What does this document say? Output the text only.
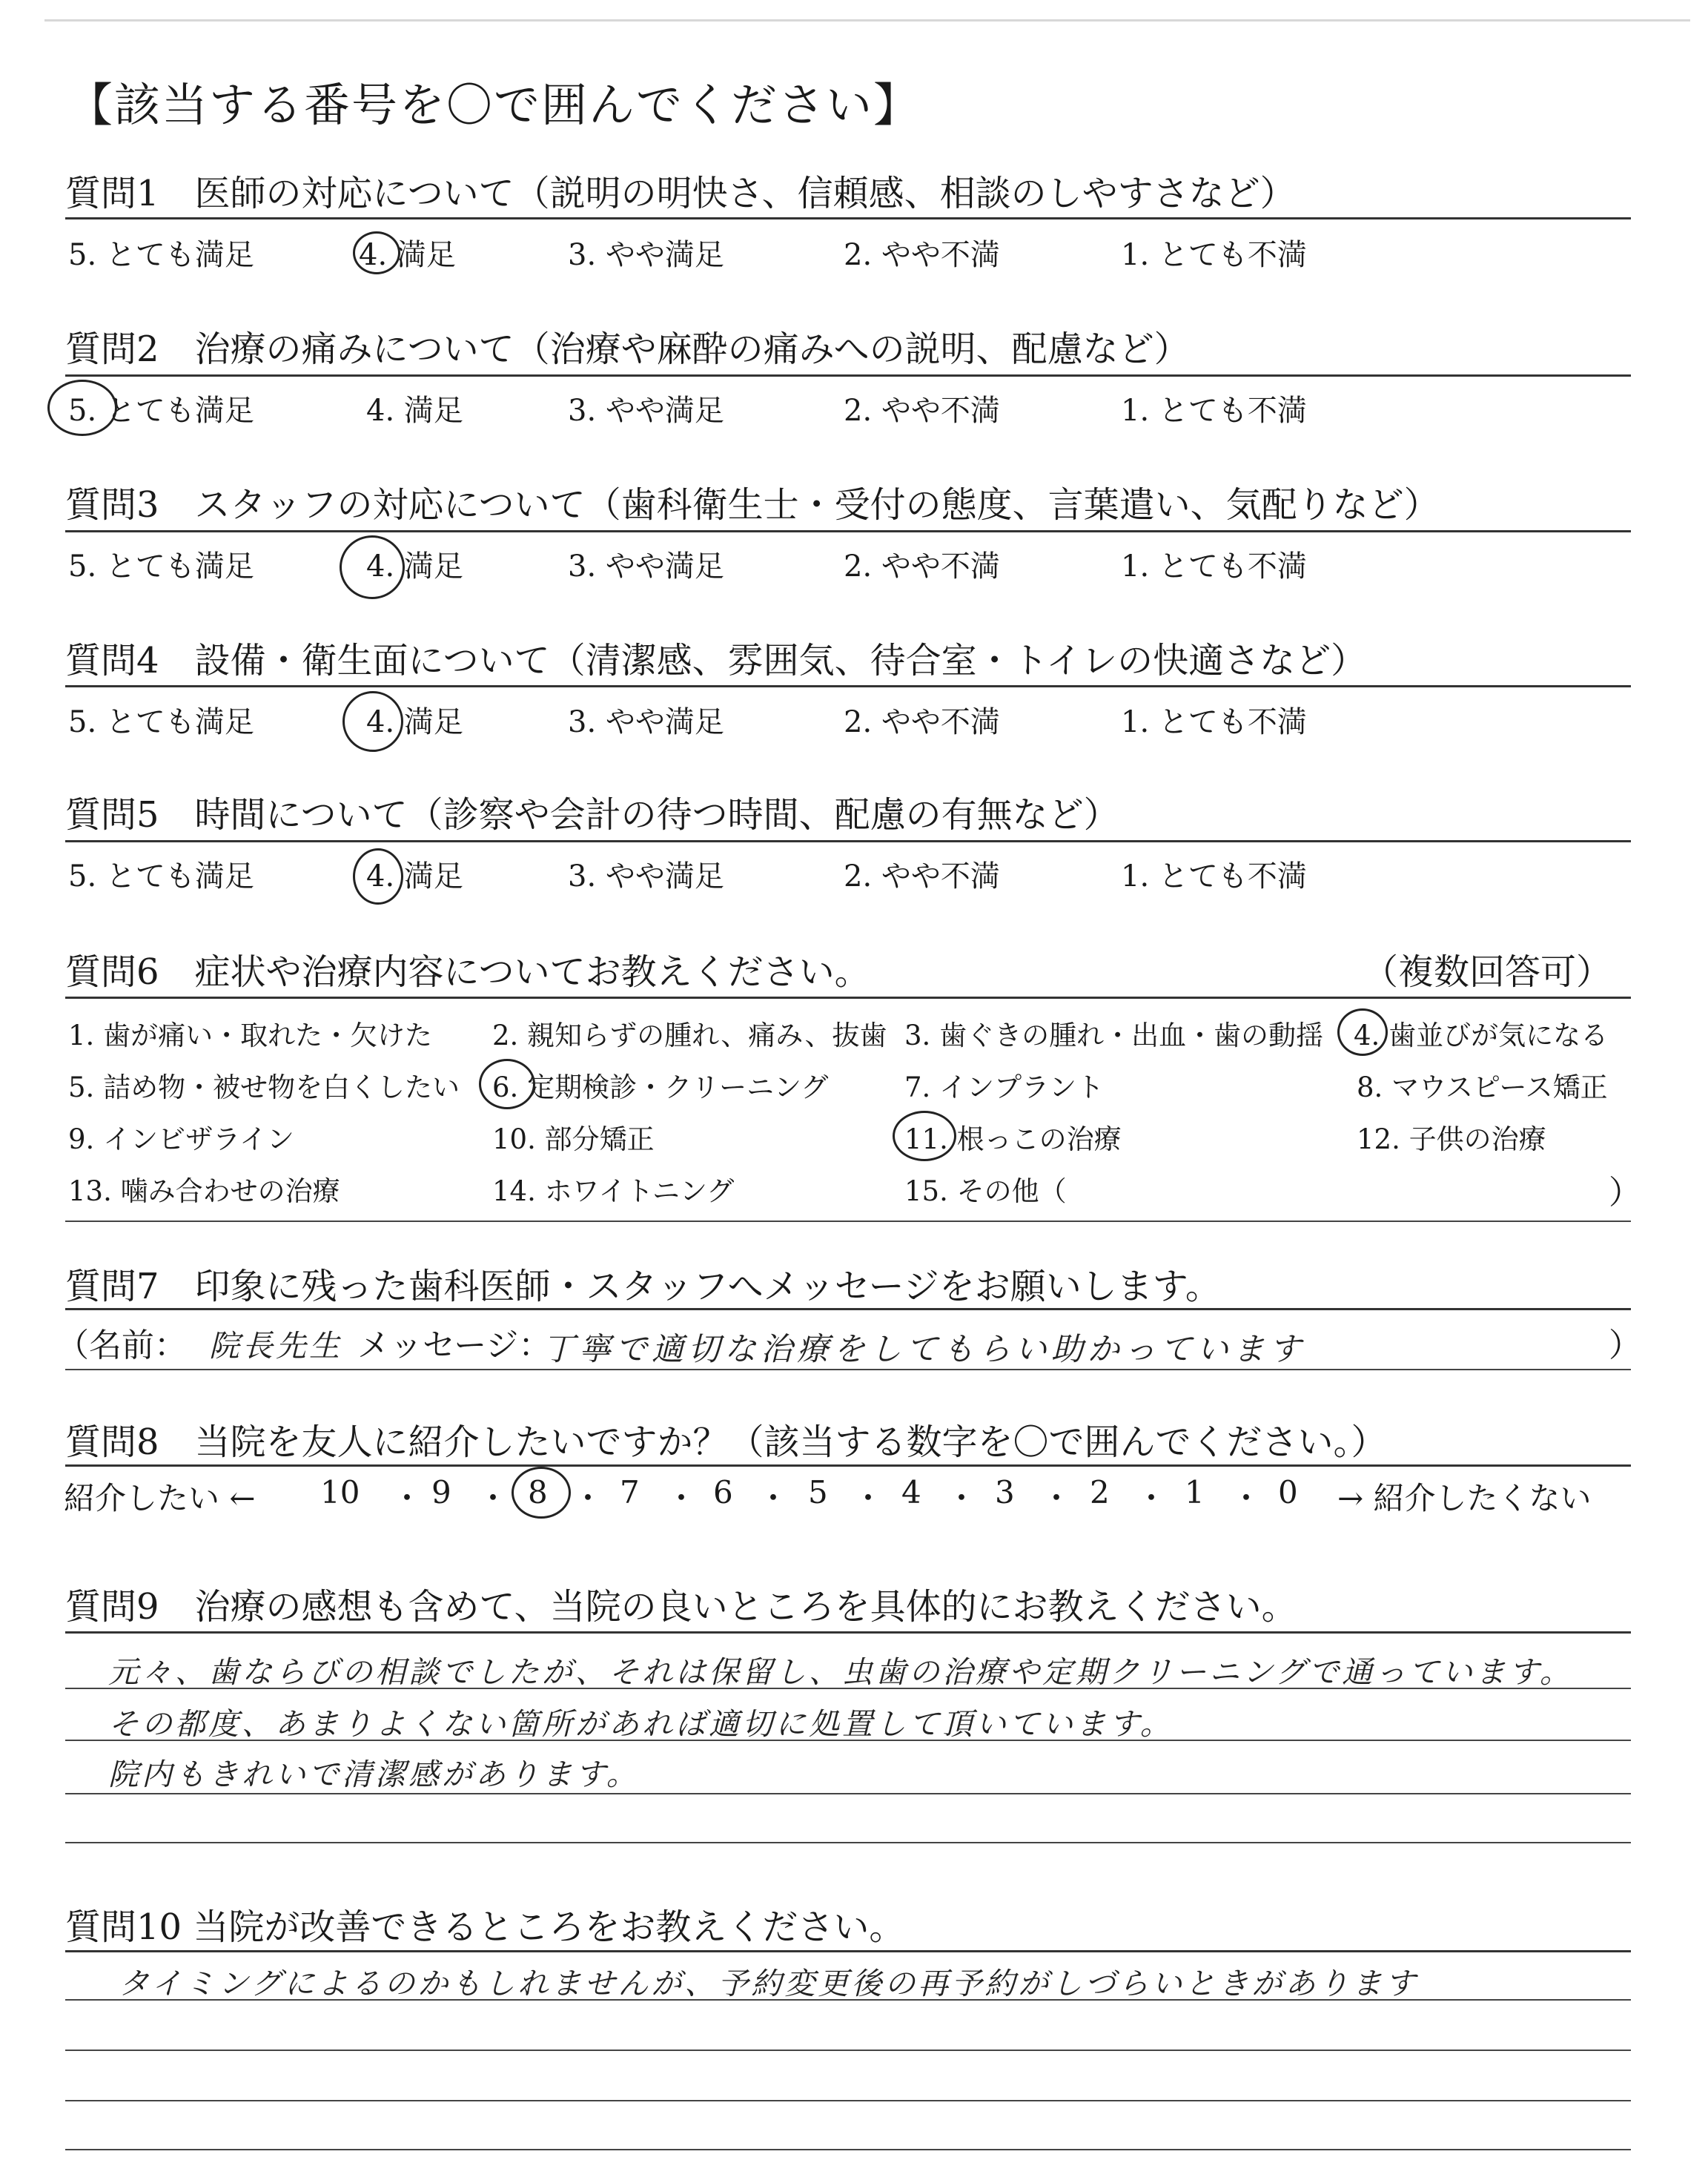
【該当する番号を〇で囲んでください】
質問1　医師の対応について（説明の明快さ、信頼感、相談のしやすさなど）
5. とても満足	4. 満足	3. やや満足	2. やや不満	1. とても不満
質問2　治療の痛みについて（治療や麻酔の痛みへの説明、配慮など）
5. とても満足	4. 満足	3. やや満足	2. やや不満	1. とても不満
質問3　スタッフの対応について（歯科衛生士・受付の態度、言葉遣い、気配りなど）
5. とても満足	4. 満足	3. やや満足	2. やや不満	1. とても不満
質問4　設備・衛生面について（清潔感、雰囲気、待合室・トイレの快適さなど）
5. とても満足	4. 満足	3. やや満足	2. やや不満	1. とても不満
質問5　時間について（診察や会計の待つ時間、配慮の有無など）
5. とても満足	4. 満足	3. やや満足	2. やや不満	1. とても不満
質問6　症状や治療内容についてお教えください。	（複数回答可）
1. 歯が痛い・取れた・欠けた 2. 親知らずの腫れ、痛み、抜歯 3. 歯ぐきの腫れ・出血・歯の動揺 4. 歯並びが気になる
5. 詰め物・被せ物を白くしたい 6. 定期検診・クリーニング	7. インプラント	8. マウスピース矯正
9. インビザライン	10. 部分矯正	11. 根っこの治療	12. 子供の治療
13. 噛み合わせの治療	14. ホワイトニング	15. その他（	）
質問7　印象に残った歯科医師・スタッフへメッセージをお願いします。
（名前： 院長先生 メッセージ：
丁寧で適切な治療をしてもらい助かっています	）
質問8　当院を友人に紹介したいですか？（該当する数字を〇で囲んでください。）
紹介したい ← 10 ・ 9 ・ 8 ・ 7 ・ 6 ・ 5 ・ 4 ・ 3 ・ 2 ・ 1 ・ 0 → 紹介したくない
質問9　治療の感想も含めて、当院の良いところを具体的にお教えください。
元々、歯ならびの相談でしたが、それは保留し、虫歯の治療や定期クリーニングで通っています。
その都度、あまりよくない箇所があれば適切に処置して頂いています。
院内もきれいで清潔感があります。
質問10 当院が改善できるところをお教えください。
タイミングによるのかもしれませんが、予約変更後の再予約がしづらいときがあります
